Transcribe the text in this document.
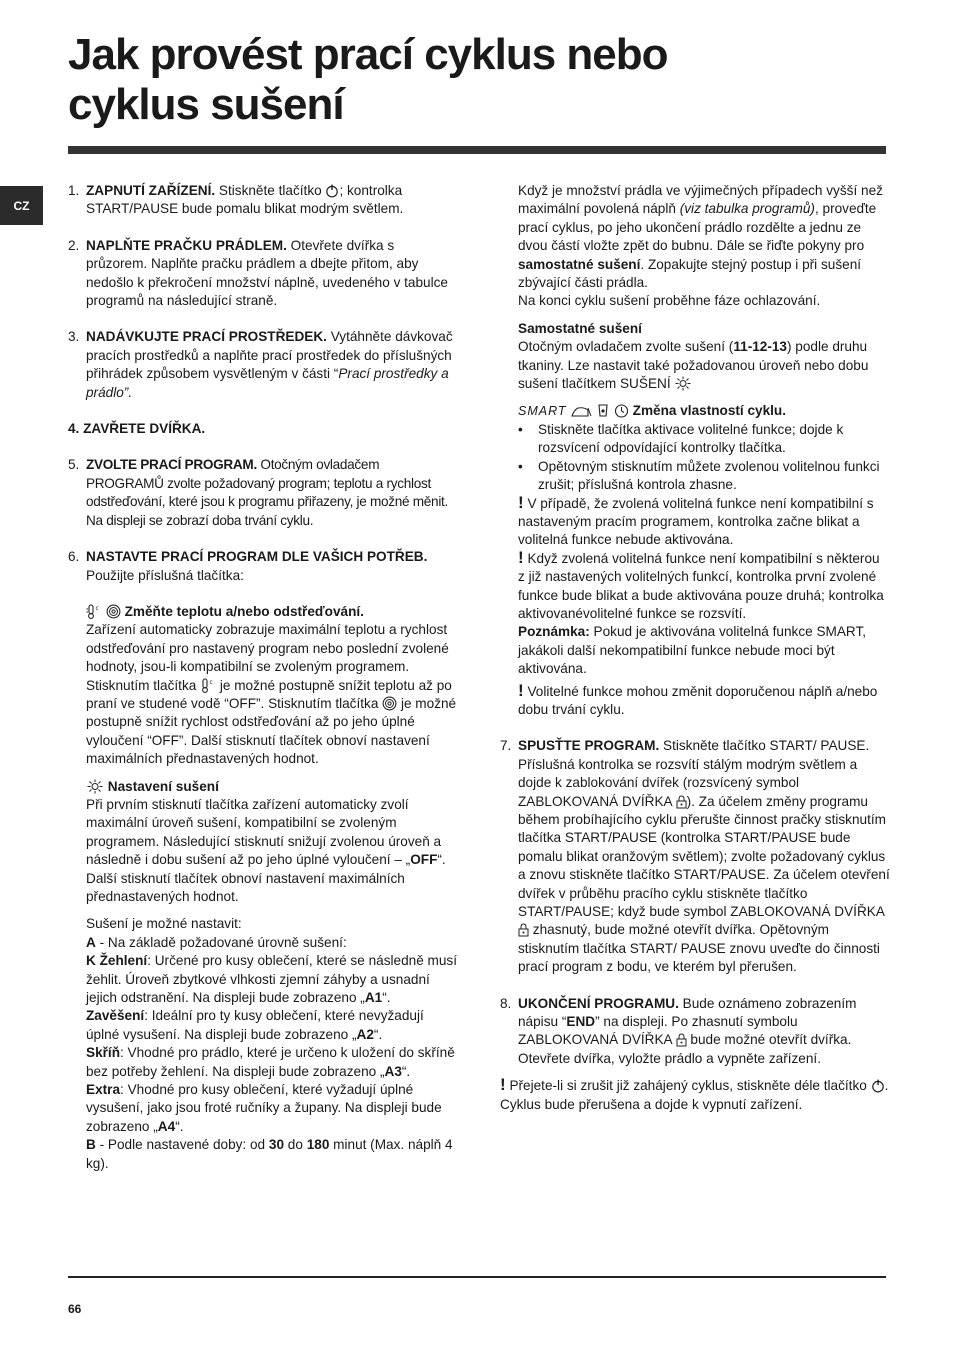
Jak provést prací cyklus nebo
cyklus sušení
CZ
1. ZAPNUTÍ ZAŘÍZENÍ. Stiskněte tlačítko ; kontrolka START/PAUSE bude pomalu blikat modrým světlem.

2. NAPLŇTE PRAČKU PRÁDLEM. Otevřete dvířka s průzorem. Naplňte pračku prádlem a dbejte přitom, aby nedošlo k překročení množství náplně, uvedeného v tabulce programů na následující straně.

3. NADÁVKUJTE PRACÍ PROSTŘEDEK. Vytáhněte dávkovač pracích prostředků a naplňte prací prostředek do příslušných přihrádek způsobem vysvětleným v části “Prací prostředky a prádlo”.

4. ZAVŘETE DVÍŘKA.

5. ZVOLTE PRACÍ PROGRAM. Otočným ovladačem PROGRAMŮ zvolte požadovaný program; teplotu a rychlost odstřeďování, které jsou k programu přiřazeny, je možné měnit. Na displeji se zobrazí doba trvání cyklu.

6. NASTAVTE PRACÍ PROGRAM DLE VAŠICH POTŘEB. Použijte příslušná tlačítka:

c Změňte teplotu a/nebo odstřeďování.

Zařízení automaticky zobrazuje maximální teplotu a rychlost odstřeďování pro nastavený program nebo poslední zvolené hodnoty, jsou-li kompatibilní se zvoleným programem. Stisknutím tlačítka c je možné postupně snížit teplotu až po praní ve studené vodě “OFF”. Stisknutím tlačítka  je možné postupně snížit rychlost odstřeďování až po jeho úplné vyloučení “OFF”. Další stisknutí tlačítek obnoví nastavení maximálních přednastavených hodnot.

Nastavení sušení

Při prvním stisknutí tlačítka zařízení automaticky zvolí maximální úroveň sušení, kompatibilní se zvoleným programem. Následující stisknutí snižují zvolenou úroveň a následně i dobu sušení až po jeho úplné vyloučení – „OFF“. Další stisknutí tlačítek obnoví nastavení maximálních přednastavených hodnot.

Sušení je možné nastavit:

A - Na základě požadované úrovně sušení:

K Žehlení: Určené pro kusy oblečení, které se následně musí žehlit. Úroveň zbytkové vlhkosti zjemní záhyby a usnadní jejich odstranění. Na displeji bude zobrazeno „A1“.

Zavěšení: Ideální pro ty kusy oblečení, které nevyžadují úplné vysušení. Na displeji bude zobrazeno „A2“.

Skříň: Vhodné pro prádlo, které je určeno k uložení do skříně bez potřeby žehlení. Na displeji bude zobrazeno „A3“.

Extra: Vhodné pro kusy oblečení, které vyžadují úplné vysušení, jako jsou froté ručníky a župany. Na displeji bude zobrazeno „A4“.

B - Podle nastavené doby: od 30 do 180 minut (Max. náplň 4 kg).

Když je množství prádla ve výjimečných případech vyšší než maximální povolená náplň (viz tabulka programů), proveďte prací cyklus, po jeho ukončení prádlo rozdělte a jednu ze dvou částí vložte zpět do bubnu. Dále se řiďte pokyny pro samostatné sušení. Zopakujte stejný postup i při sušení zbývající části prádla.

Na konci cyklu sušení proběhne fáze ochlazování.

Samostatné sušení

Otočným ovladačem zvolte sušení (11-12-13) podle druhu tkaniny. Lze nastavit také požadovanou úroveň nebo dobu sušení tlačítkem SUŠENÍ

SMART	Změna vlastností cyklu.

•	Stiskněte tlačítka aktivace volitelné funkce; dojde k rozsvícení odpovídající kontrolky tlačítka.
•	Opětovným stisknutím můžete zvolenou volitelnou funkci zrušit; příslušná kontrola zhasne.

! V případě, že zvolená volitelná funkce není kompatibilní s nastaveným pracím programem, kontrolka začne blikat a volitelná funkce nebude aktivována.

! Když zvolená volitelná funkce není kompatibilní s některou z již nastavených volitelných funkcí, kontrolka první zvolené funkce bude blikat a bude aktivována pouze druhá; kontrolka aktivovanévolitelné funkce se rozsvítí.

Poznámka: Pokud je aktivována volitelná funkce SMART, jakákoli další nekompatibilní funkce nebude moci být aktivována.

! Volitelné funkce mohou změnit doporučenou náplň a/nebo dobu trvání cyklu.

7. SPUSŤTE PROGRAM. Stiskněte tlačítko START/ PAUSE. Příslušná kontrolka se rozsvítí stálým modrým světlem a dojde k zablokování dvířek (rozsvícený symbol ZABLOKOVANÁ DVÍŘKA ). Za účelem změny programu během probíhajícího cyklu přerušte činnost pračky stisknutím tlačítka START/PAUSE (kontrolka START/PAUSE bude pomalu blikat oranžovým světlem); zvolte požadovaný cyklus a znovu stiskněte tlačítko START/PAUSE. Za účelem otevření dvířek v průběhu pracího cyklu stiskněte tlačítko START/PAUSE; když bude symbol ZABLOKOVANÁ DVÍŘKA  zhasnutý, bude možné otevřít dvířka. Opětovným stisknutím tlačítka START/ PAUSE znovu uveďte do činnosti prací program z bodu, ve kterém byl přerušen.

8. UKONČENÍ PROGRAMU. Bude oznámeno zobrazením nápisu “END” na displeji. Po zhasnutí symbolu ZABLOKOVANÁ DVÍŘKA  bude možné otevřít dvířka. Otevřete dvířka, vyložte prádlo a vypněte zařízení.

! Přejete-li si zrušit již zahájený cyklus, stiskněte déle tlačítko . Cyklus bude přerušena a dojde k vypnutí zařízení.

66
